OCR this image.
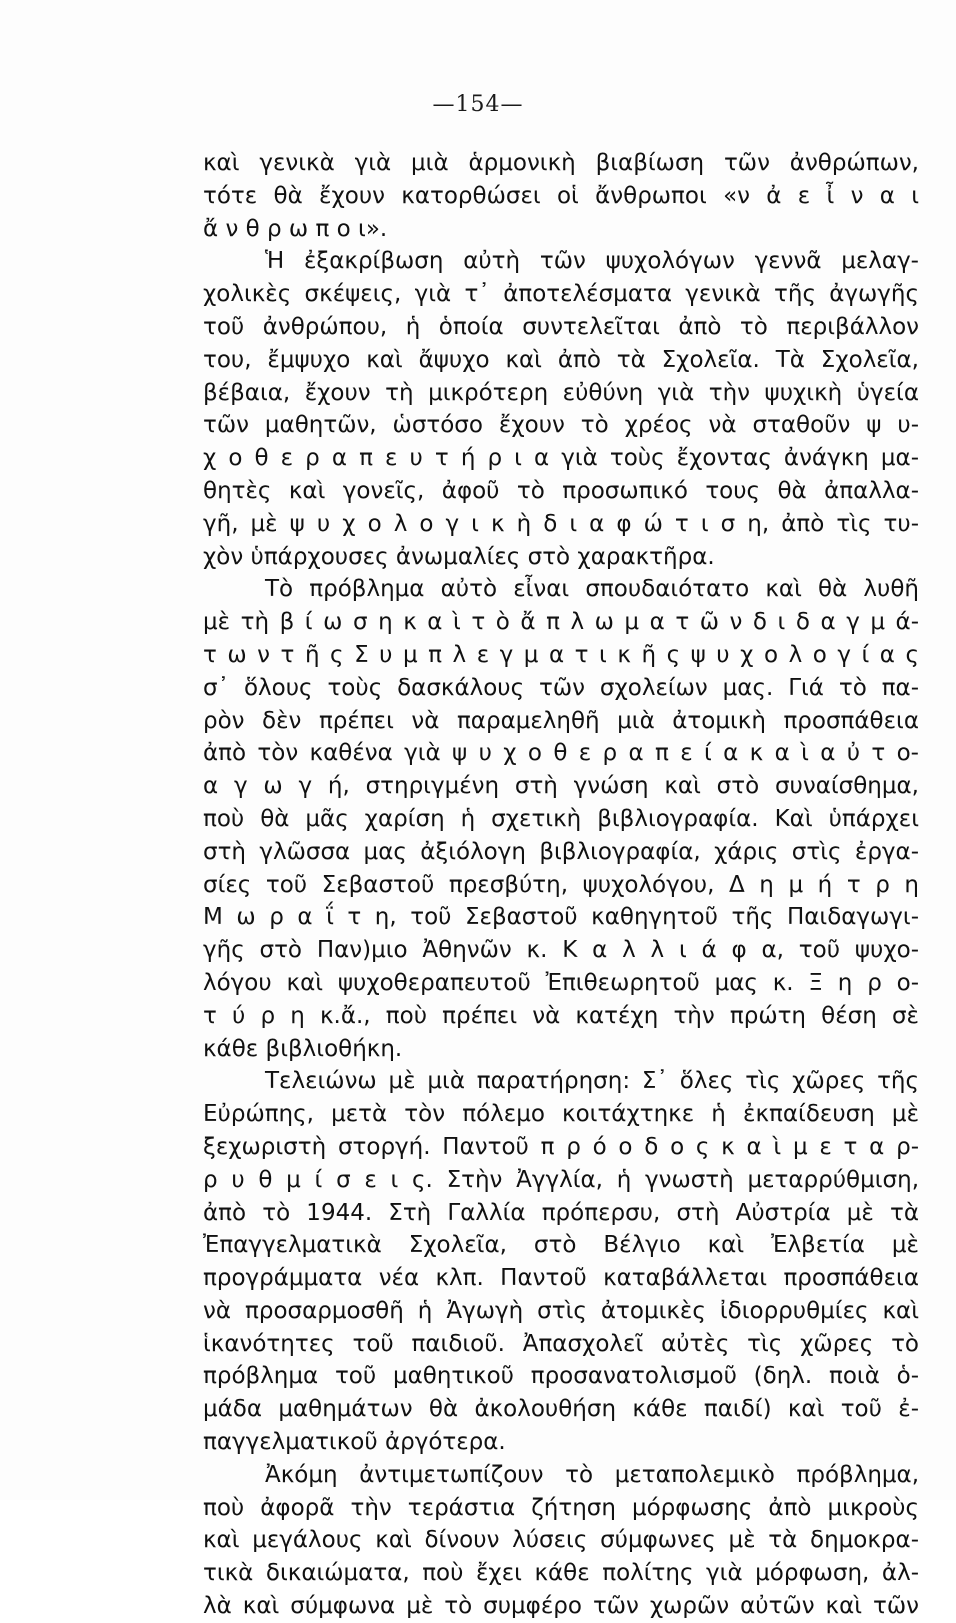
—154—
καὶ γενικὰ γιὰ μιὰ ἁρμονικὴ βιαβίωση τῶν ἀνθρώπων,
τότε θὰ ἔχουν κατορθώσει οἱ ἄνθρωποι «ν ἀ ε ἶ ν α ι
ἄ ν θ ρ ω π ο ι».
Ἡ ἐξακρίβωση αὐτὴ τῶν ψυχολόγων γεννᾶ μελαγ-
χολικὲς σκέψεις, γιὰ τ᾿ ἀποτελέσματα γενικὰ τῆς ἀγωγῆς
τοῦ ἀνθρώπου, ἡ ὁποία συντελεῖται ἀπὸ τὸ περιβάλλον
του, ἔμψυχο καὶ ἄψυχο καὶ ἀπὸ τὰ Σχολεῖα. Τὰ Σχολεῖα,
βέβαια, ἔχουν τὴ μικρότερη εὐθύνη γιὰ τὴν ψυχικὴ ὑγεία
τῶν μαθητῶν, ὡστόσο ἔχουν τὸ χρέος νὰ σταθοῦν ψ υ-
χ ο θ ε ρ α π ε υ τ ή ρ ι α γιὰ τοὺς ἔχοντας ἀνάγκη μα-
θητὲς καὶ γονεῖς, ἀφοῦ τὸ προσωπικό τους θὰ ἀπαλλα-
γῆ, μὲ ψ υ χ ο λ ο γ ι κ ὴ δ ι α φ ώ τ ι σ η, ἀπὸ τὶς τυ-
χὸν ὑπάρχουσες ἀνωμαλίες στὸ χαρακτῆρα.
Τὸ πρόβλημα αὐτὸ εἶναι σπουδαιότατο καὶ θὰ λυθῆ
μὲ τὴ β ί ω σ η κ α ὶ τ ὸ ἄ π λ ω μ α τ ῶ ν δ ι δ α γ μ ά-
τ ω ν τ ῆ ς Σ υ μ π λ ε γ μ α τ ι κ ῆ ς ψ υ χ ο λ ο γ ί α ς
σ᾿ ὅλους τοὺς δασκάλους τῶν σχολείων μας. Γιά τὸ πα-
ρὸν δὲν πρέπει νὰ παραμεληθῆ μιὰ ἀτομικὴ προσπάθεια
ἀπὸ τὸν καθένα γιὰ ψ υ χ ο θ ε ρ α π ε ί α κ α ὶ α ὐ τ ο-
α γ ω γ ή, στηριγμένη στὴ γνώση καὶ στὸ συναίσθημα,
ποὺ θὰ μᾶς χαρίση ἡ σχετικὴ βιβλιογραφία. Καὶ ὑπάρχει
στὴ γλῶσσα μας ἀξιόλογη βιβλιογραφία, χάρις στὶς ἐργα-
σίες τοῦ Σεβαστοῦ πρεσβύτη, ψυχολόγου, Δ η μ ή τ ρ η
Μ ω ρ α ΐ τ η, τοῦ Σεβαστοῦ καθηγητοῦ τῆς Παιδαγωγι-
γῆς στὸ Παν)μιο Ἀθηνῶν κ. Κ α λ λ ι ά φ α, τοῦ ψυχο-
λόγου καὶ ψυχοθεραπευτοῦ Ἐπιθεωρητοῦ μας κ. Ξ η ρ ο-
τ ύ ρ η κ.ἄ., ποὺ πρέπει νὰ κατέχη τὴν πρώτη θέση σὲ
κάθε βιβλιοθήκη.
Τελειώνω μὲ μιὰ παρατήρηση: Σ᾿ ὅλες τὶς χῶρες τῆς
Εὐρώπης, μετὰ τὸν πόλεμο κοιτάχτηκε ἡ ἐκπαίδευση μὲ
ξεχωριστὴ στοργή. Παντοῦ π ρ ό ο δ ο ς κ α ὶ μ ε τ α ρ-
ρ υ θ μ ί σ ε ι ς. Στὴν Ἀγγλία, ἡ γνωστὴ μεταρρύθμιση,
ἀπὸ τὸ 1944. Στὴ Γαλλία πρόπερσυ, στὴ Αὐστρία μὲ τὰ
Ἐπαγγελματικὰ Σχολεῖα, στὸ Βέλγιο καὶ Ἐλβετία μὲ
προγράμματα νέα κλπ. Παντοῦ καταβάλλεται προσπάθεια
νὰ προσαρμοσθῆ ἡ Ἀγωγὴ στὶς ἀτομικὲς ἰδιορρυθμίες καὶ
ἱκανότητες τοῦ παιδιοῦ. Ἀπασχολεῖ αὐτὲς τὶς χῶρες τὸ
πρόβλημα τοῦ μαθητικοῦ προσανατολισμοῦ (δηλ. ποιὰ ὁ-
μάδα μαθημάτων θὰ ἀκολουθήση κάθε παιδί) καὶ τοῦ ἐ-
παγγελματικοῦ ἀργότερα.
Ἀκόμη ἀντιμετωπίζουν τὸ μεταπολεμικὸ πρόβλημα,
ποὺ ἀφορᾶ τὴν τεράστια ζήτηση μόρφωσης ἀπὸ μικροὺς
καὶ μεγάλους καὶ δίνουν λύσεις σύμφωνες μὲ τὰ δημοκρα-
τικὰ δικαιώματα, ποὺ ἔχει κάθε πολίτης γιὰ μόρφωση, ἀλ-
λὰ καὶ σύμφωνα μὲ τὸ συμφέρο τῶν χωρῶν αὐτῶν καὶ τῶν
